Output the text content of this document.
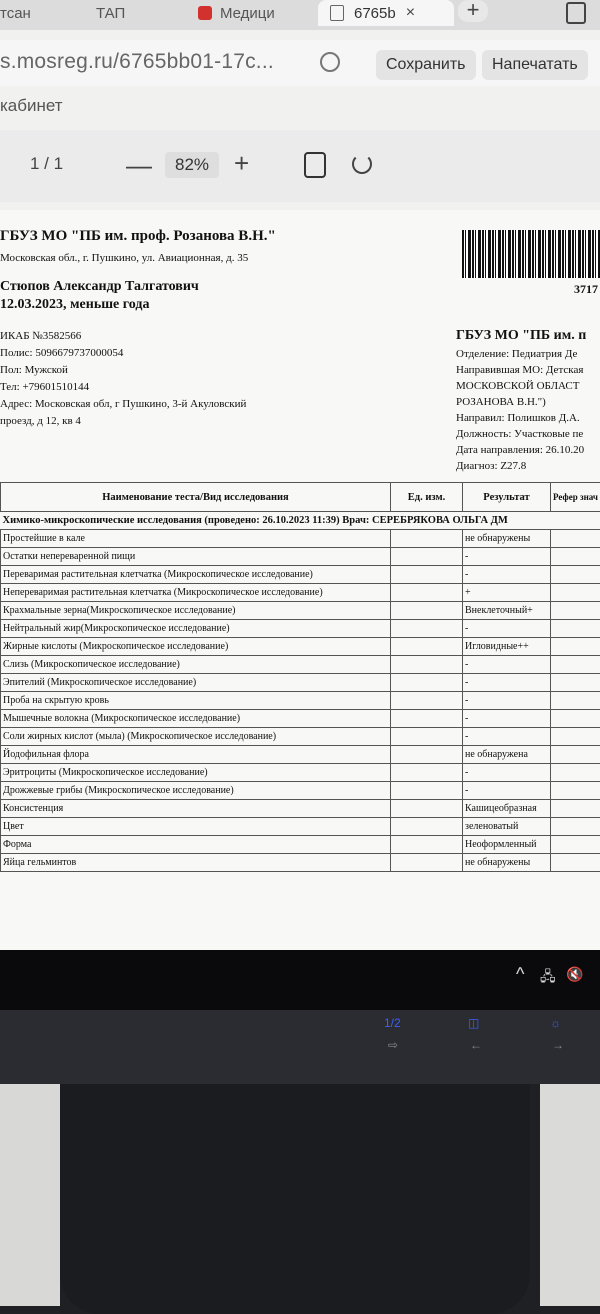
тсан	ТАП	Медици	6765b ×	+
s.mosreg.ru/6765bb01-17c...	Сохранить	Напечатать
кабинет
1 / 1 —	82% +
ГБУЗ МО "ПБ им. проф. Розанова В.Н."
Московская обл., г. Пушкино, ул. Авиационная, д. 35
Стюпов Александр Талгатович
12.03.2023, меньше года
3717
ИКАБ №3582566
Полис: 5096679737000054
Пол: Мужской
Тел: +79601510144
Адрес: Московская обл, г Пушкино, 3-й Акуловский
проезд, д 12, кв 4
ГБУЗ МО "ПБ им. п
Отделение: Педиатрия Де
Направившая МО: Детская
МОСКОВСКОЙ ОБЛАСТ
РОЗАНОВА В.Н.")
Направил: Полишков Д.А.
Должность: Участковые пе
Дата направления: 26.10.20
Диагноз: Z27.8
Наименование теста/Вид исследования	Ед. изм.	Результат	Рефер знач
Химико-микроскопические исследования (проведено: 26.10.2023 11:39) Врач: СЕРЕБРЯКОВА ОЛЬГА ДМ			
Простейшие в кале		не обнаружены	
Остатки непереваренной пищи		-	
Переваримая растительная клетчатка (Микроскопическое исследование)		-	
Непереваримая растительная клетчатка (Микроскопическое исследование)		+	
Крахмальные зерна(Микроскопическое исследование)		Внеклеточный+	
Нейтральный жир(Микроскопическое исследование)		-	
Жирные кислоты (Микроскопическое исследование)		Игловидные++	
Слизь (Микроскопическое исследование)		-	
Эпителий (Микроскопическое исследование)		-	
Проба на скрытую кровь		-	
Мышечные волокна (Микроскопическое исследование)		-	
Соли жирных кислот (мыла) (Микроскопическое исследование)		-	
Йодофильная флора		не обнаружена	
Эритроциты (Микроскопическое исследование)		-	
Дрожжевые грибы (Микроскопическое исследование)		-	
Консистенция		Кашицеобразная	
Цвет		зеленоватый	
Форма		Неоформленный	
Яйца гельминтов		не обнаружены	
^ 🖧 🔇
1/2	◫	☼
⇨	←	→
